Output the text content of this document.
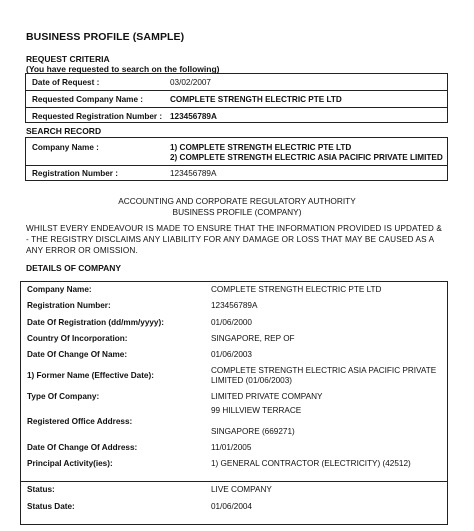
BUSINESS PROFILE (SAMPLE)
REQUEST CRITERIA
(You have requested to search on the following)
Date of Request :	03/02/2007
Requested Company Name :	COMPLETE STRENGTH ELECTRIC PTE LTD
Requested Registration Number : 123456789A
SEARCH RECORD
Company Name :	1) COMPLETE STRENGTH ELECTRIC PTE LTD
2) COMPLETE STRENGTH ELECTRIC ASIA PACIFIC PRIVATE LIMITED
Registration Number :	123456789A
ACCOUNTING AND CORPORATE REGULATORY AUTHORITY
BUSINESS PROFILE (COMPANY)
WHILST EVERY ENDEAVOUR IS MADE TO ENSURE THAT THE INFORMATION PROVIDED IS UPDATED &
- THE REGISTRY DISCLAIMS ANY LIABILITY FOR ANY DAMAGE OR LOSS THAT MAY BE CAUSED AS A
ANY ERROR OR OMISSION.
DETAILS OF COMPANY
Company Name:	COMPLETE STRENGTH ELECTRIC PTE LTD
Registration Number:	123456789A
Date Of Registration (dd/mm/yyyy):	01/06/2000
Country Of Incorporation:	SINGAPORE, REP OF
Date Of Change Of Name:	01/06/2003
1) Former Name (Effective Date):
COMPLETE STRENGTH ELECTRIC ASIA PACIFIC PRIVATE
LIMITED (01/06/2003)
Type Of Company:	LIMITED PRIVATE COMPANY
Registered Office Address:
99 HILLVIEW TERRACE
SINGAPORE (669271)
Date Of Change Of Address:	11/01/2005
Principal Activity(ies):	1) GENERAL CONTRACTOR (ELECTRICITY) (42512)
Status:	LIVE COMPANY
Status Date:	01/06/2004
